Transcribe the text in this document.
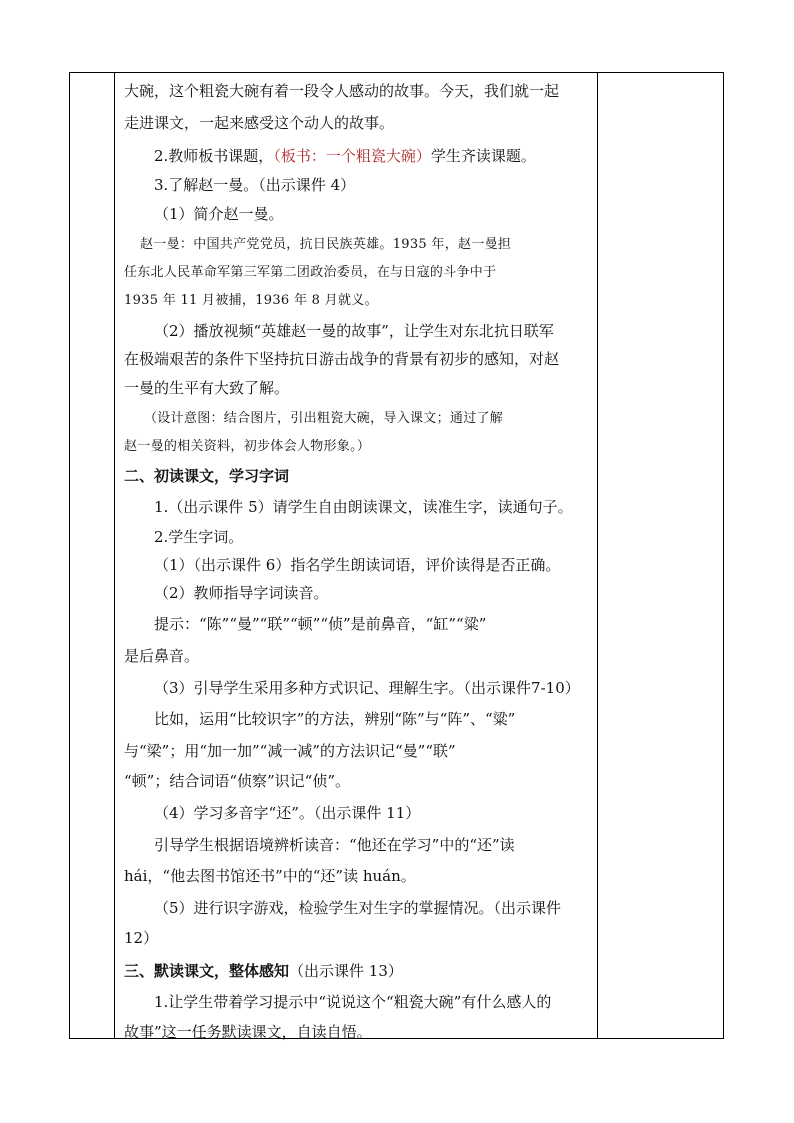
大碗，这个粗瓷大碗有着一段令人感动的故事。今天，我们就一起
走进课文，一起来感受这个动人的故事。
2.教师板书课题，（板书：一个粗瓷大碗）学生齐读课题。
3.了解赵一曼。（出示课件 4）
（1）简介赵一曼。
赵一曼：中国共产党党员，抗日民族英雄。1935 年，赵一曼担
任东北人民革命军第三军第二团政治委员，在与日寇的斗争中于
1935 年 11 月被捕，1936 年 8 月就义。
（2）播放视频“英雄赵一曼的故事”，让学生对东北抗日联军
在极端艰苦的条件下坚持抗日游击战争的背景有初步的感知，对赵
一曼的生平有大致了解。
（设计意图：结合图片，引出粗瓷大碗，导入课文；通过了解
赵一曼的相关资料，初步体会人物形象。）
二、初读课文，学习字词
1.（出示课件 5）请学生自由朗读课文，读准生字，读通句子。
2.学生字词。
（1）（出示课件 6）指名学生朗读词语，评价读得是否正确。
（2）教师指导字词读音。
提示：“陈”“曼”“联”“顿”“侦”是前鼻音，“缸”“粱”
是后鼻音。
（3）引导学生采用多种方式识记、理解生字。（出示课件7-10）
比如，运用“比较识字”的方法，辨别“陈”与“阵”、“粱”
与“梁”；用“加一加”“减一减”的方法识记“曼”“联”
“顿”；结合词语“侦察”识记“侦”。
（4）学习多音字“还”。（出示课件 11）
引导学生根据语境辨析读音：“他还在学习”中的“还”读
hái，“他去图书馆还书”中的“还”读 huán。
（5）进行识字游戏，检验学生对生字的掌握情况。（出示课件
12）
三、默读课文，整体感知（出示课件 13）
1.让学生带着学习提示中“说说这个“粗瓷大碗”有什么感人的
故事”这一任务默读课文，自读自悟。
